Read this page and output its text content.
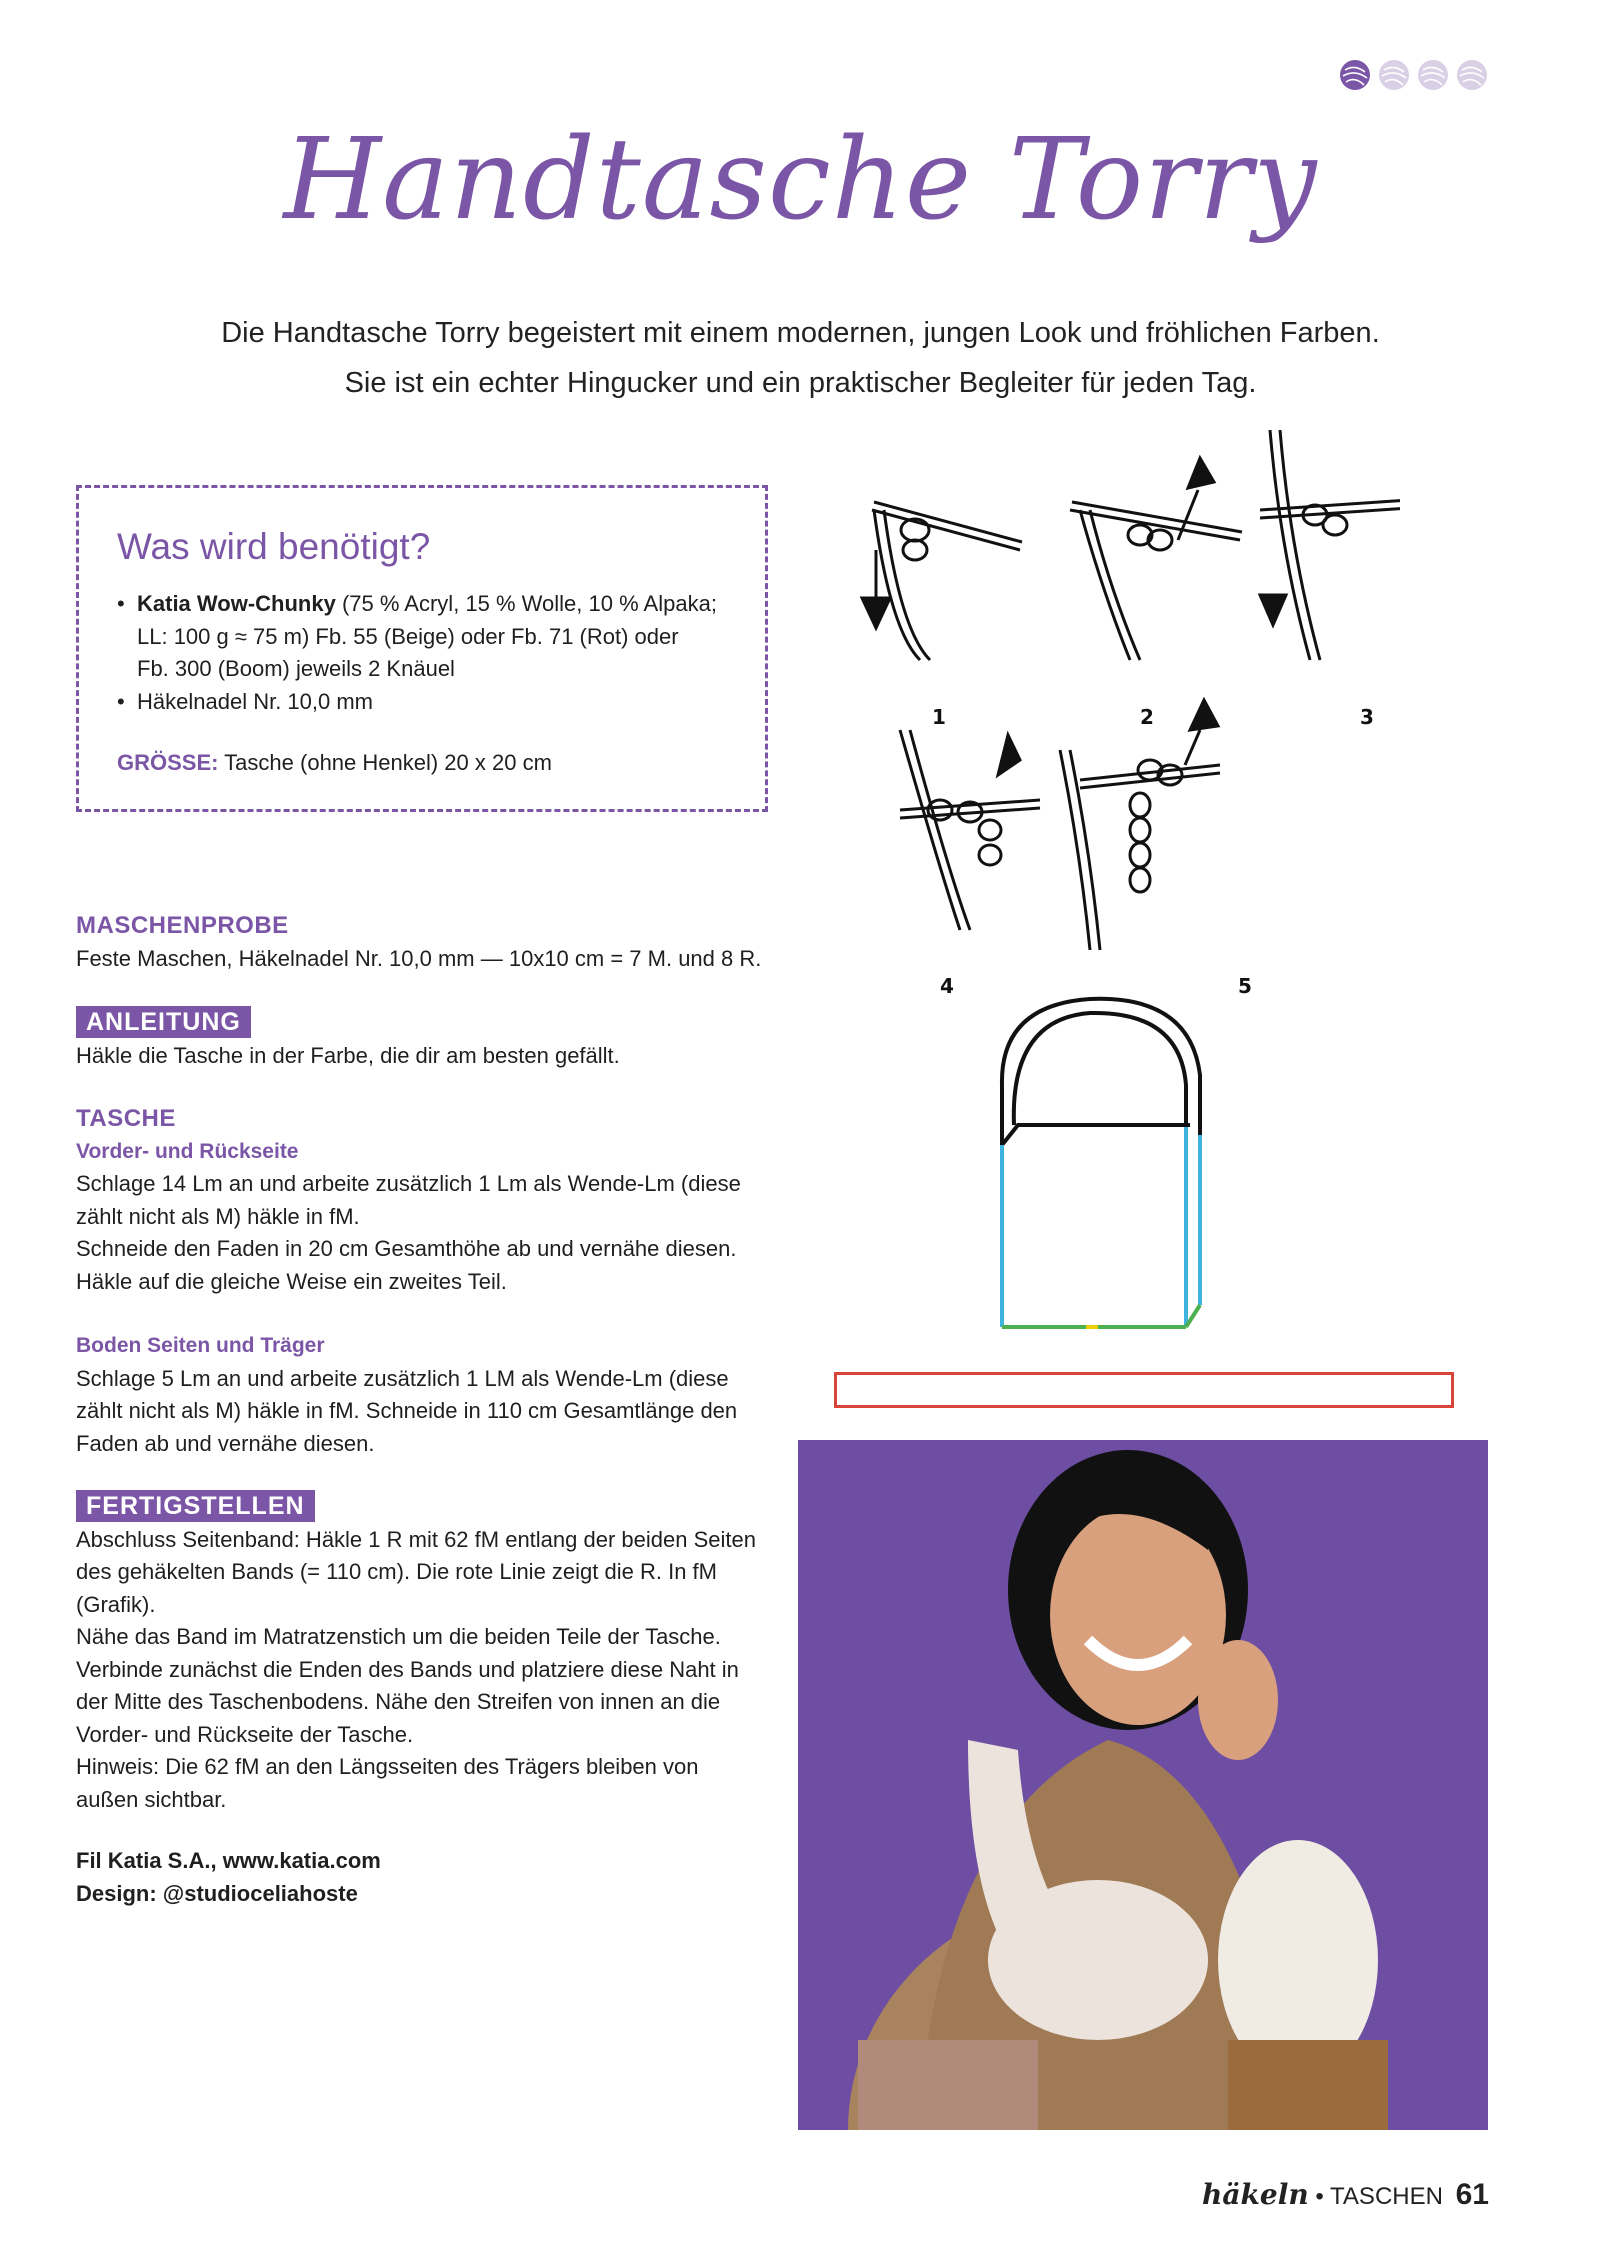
Handtasche Torry
Die Handtasche Torry begeistert mit einem modernen, jungen Look und fröhlichen Farben.
Sie ist ein echter Hingucker und ein praktischer Begleiter für jeden Tag.
Was wird benötigt?
• Katia Wow-Chunky (75 % Acryl, 15 % Wolle, 10 % Alpaka;
LL: 100 g ≈ 75 m) Fb. 55 (Beige) oder Fb. 71 (Rot) oder
Fb. 300 (Boom) jeweils 2 Knäuel
• Häkelnadel Nr. 10,0 mm
GRÖSSE: Tasche (ohne Henkel) 20 x 20 cm
MASCHENPROBE
Feste Maschen, Häkelnadel Nr. 10,0 mm — 10x10 cm = 7 M. und 8 R.
ANLEITUNG
Häkle die Tasche in der Farbe, die dir am besten gefällt.
TASCHE
Vorder- und Rückseite
Schlage 14 Lm an und arbeite zusätzlich 1 Lm als Wende-Lm (diese
zählt nicht als M) häkle in fM.
Schneide den Faden in 20 cm Gesamthöhe ab und vernähe diesen.
Häkle auf die gleiche Weise ein zweites Teil.
Boden Seiten und Träger
Schlage 5 Lm an und arbeite zusätzlich 1 LM als Wende-Lm (diese
zählt nicht als M) häkle in fM. Schneide in 110 cm Gesamtlänge den
Faden ab und vernähe diesen.
FERTIGSTELLEN
Abschluss Seitenband: Häkle 1 R mit 62 fM entlang der beiden Seiten
des gehäkelten Bands (= 110 cm). Die rote Linie zeigt die R. In fM
(Grafik).
Nähe das Band im Matratzenstich um die beiden Teile der Tasche.
Verbinde zunächst die Enden des Bands und platziere diese Naht in
der Mitte des Taschenbodens. Nähe den Streifen von innen an die
Vorder- und Rückseite der Tasche.
Hinweis: Die 62 fM an den Längsseiten des Trägers bleiben von
außen sichtbar.
Fil Katia S.A., www.katia.com
Design: @studioceliahoste
1	2	3
4	5
häkeln • TASCHEN 61
